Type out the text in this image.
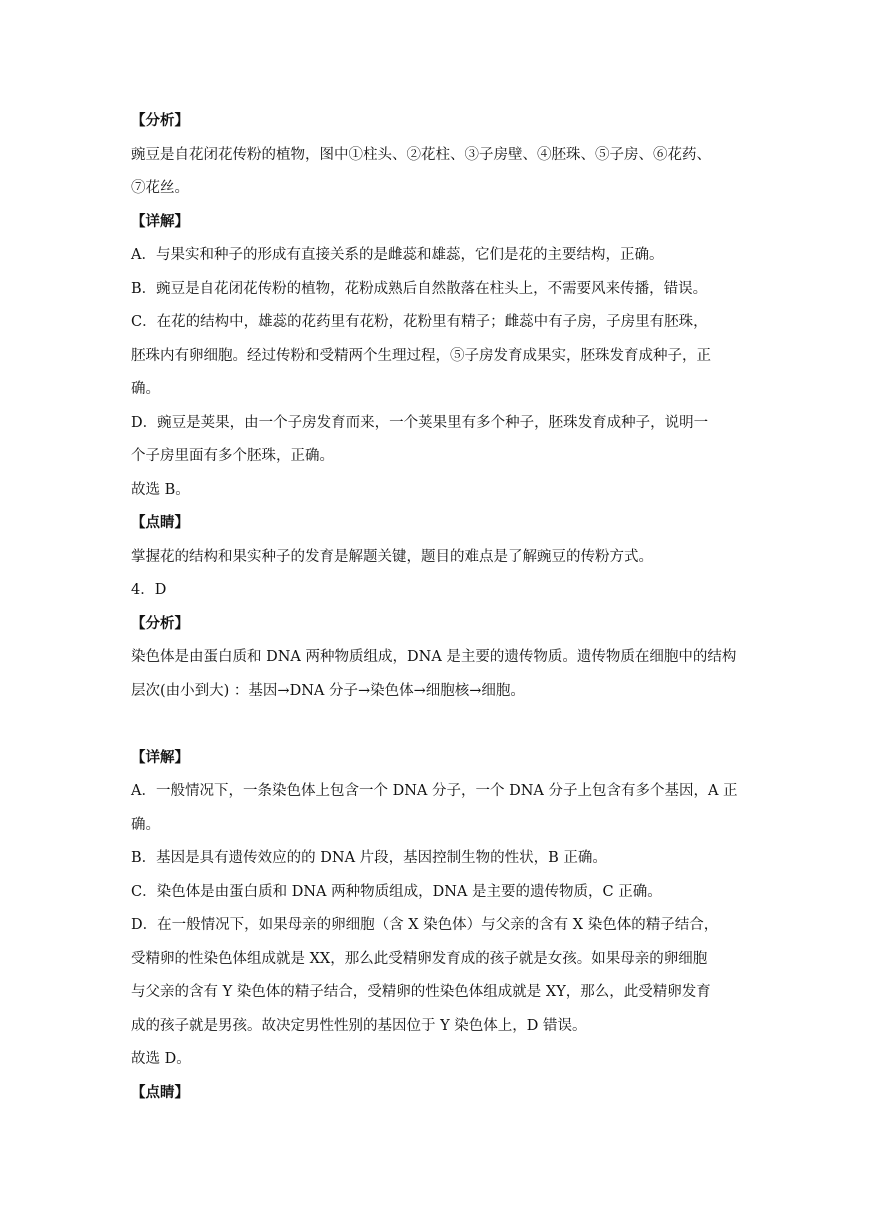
【分析】
豌豆是自花闭花传粉的植物，图中①柱头、②花柱、③子房壁、④胚珠、⑤子房、⑥花药、
⑦花丝。
【详解】
A．与果实和种子的形成有直接关系的是雌蕊和雄蕊，它们是花的主要结构，正确。
B．豌豆是自花闭花传粉的植物，花粉成熟后自然散落在柱头上，不需要风来传播，错误。
C．在花的结构中，雄蕊的花药里有花粉，花粉里有精子；雌蕊中有子房，子房里有胚珠，
胚珠内有卵细胞。经过传粉和受精两个生理过程，⑤子房发育成果实，胚珠发育成种子，正
确。
D．豌豆是荚果，由一个子房发育而来，一个荚果里有多个种子，胚珠发育成种子，说明一
个子房里面有多个胚珠，正确。
故选 B。
【点睛】
掌握花的结构和果实种子的发育是解题关键，题目的难点是了解豌豆的传粉方式。
4．D
【分析】
染色体是由蛋白质和 DNA 两种物质组成，DNA 是主要的遗传物质。遗传物质在细胞中的结构
层次(由小到大) ：基因→DNA 分子→染色体→细胞核→细胞。
【详解】
A．一般情况下，一条染色体上包含一个 DNA 分子，一个 DNA 分子上包含有多个基因，A 正
确。
B．基因是具有遗传效应的的 DNA 片段，基因控制生物的性状，B 正确。
C．染色体是由蛋白质和 DNA 两种物质组成，DNA 是主要的遗传物质，C 正确。
D．在一般情况下，如果母亲的卵细胞（含 X 染色体）与父亲的含有 X 染色体的精子结合，
受精卵的性染色体组成就是 XX，那么此受精卵发育成的孩子就是女孩。如果母亲的卵细胞
与父亲的含有 Y 染色体的精子结合，受精卵的性染色体组成就是 XY，那么，此受精卵发育
成的孩子就是男孩。故决定男性性别的基因位于 Y 染色体上，D 错误。
故选 D。
【点睛】
